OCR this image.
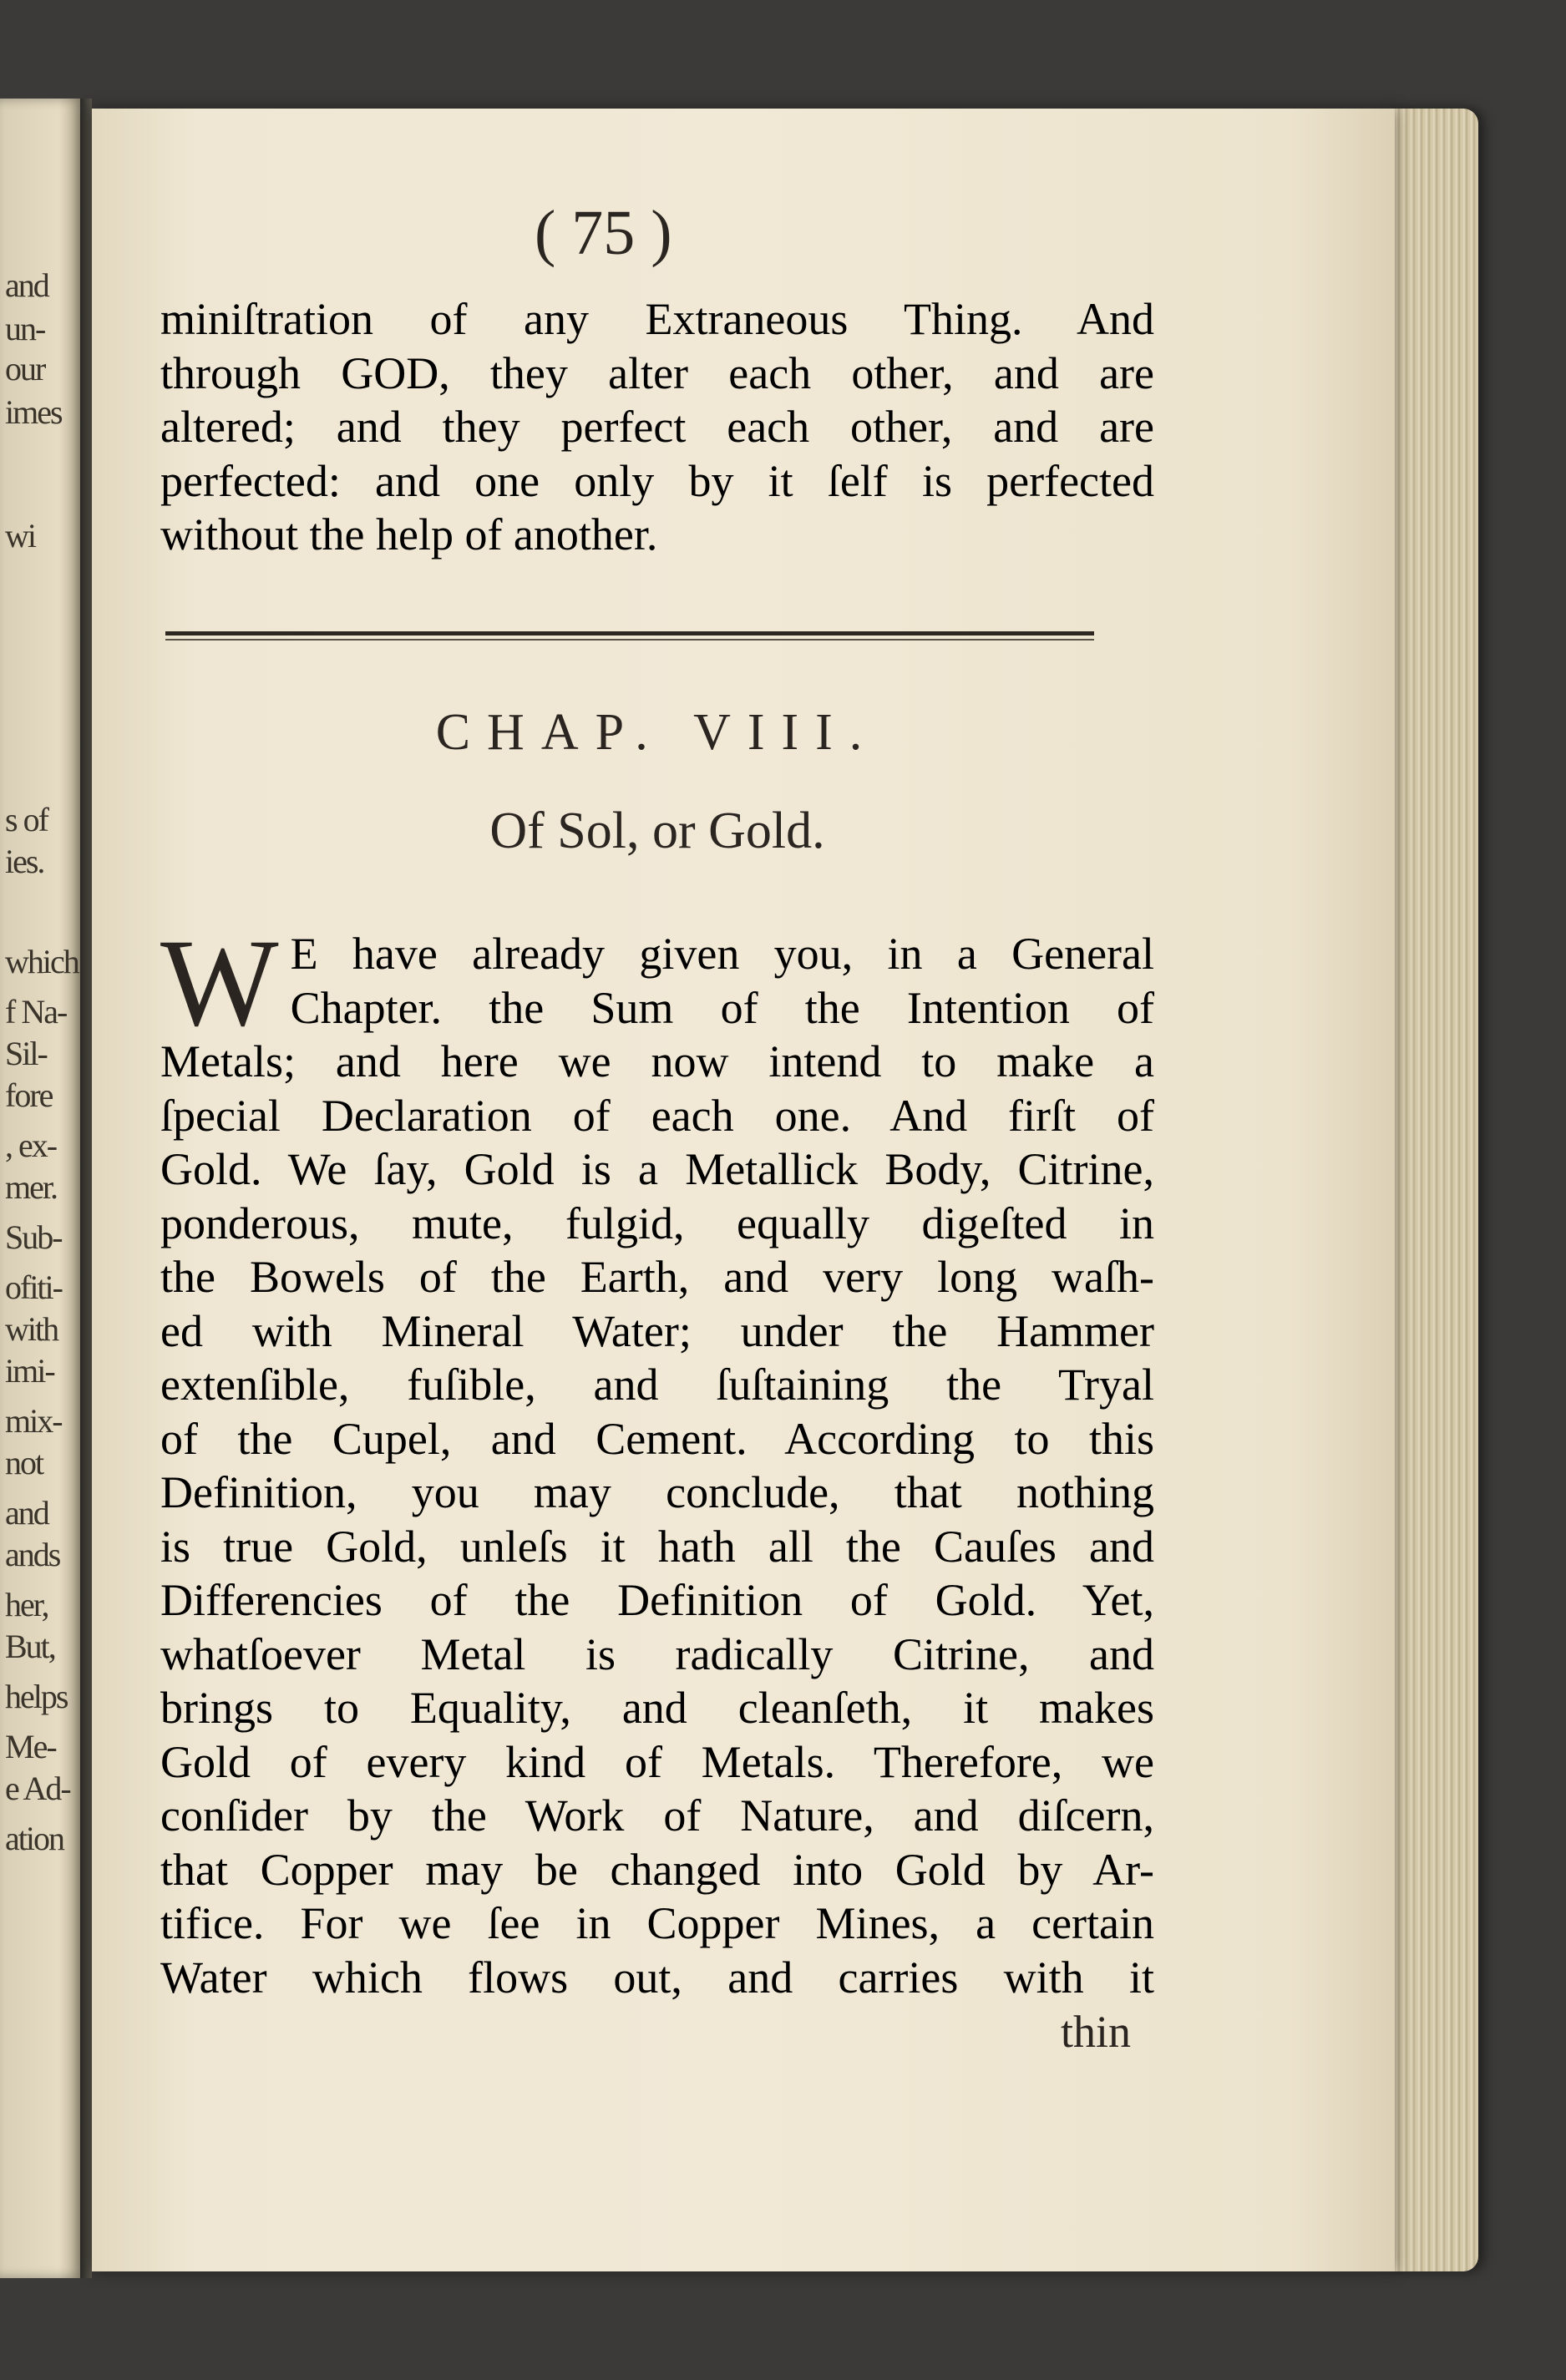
and
un-
our
imes
wi
s of
ies.
which
f Na-
Sil-
fore
, ex-
mer.
Sub-
ofiti-
with
imi-
mix-
not
and
ands
her,
But,
helps
Me-
e Ad-
ation
( 75 )
miniſtration of any Extraneous Thing. And
through GOD, they alter each other, and are
altered; and they perfect each other, and are
perfected: and one only by it ſelf is perfected
without the help of another.
CHAP. VIII.
Of Sol, or Gold.
W E have already given you, in a General
Chapter. the Sum of the Intention of
Metals; and here we now intend to make a
ſpecial Declaration of each one. And firſt of
Gold. We ſay, Gold is a Metallick Body, Citrine,
ponderous, mute, fulgid, equally digeſted in
the Bowels of the Earth, and very long waſh-
ed with Mineral Water; under the Hammer
extenſible, fuſible, and ſuſtaining the Tryal
of the Cupel, and Cement. According to this
Definition, you may conclude, that nothing
is true Gold, unleſs it hath all the Cauſes and
Differencies of the Definition of Gold. Yet,
whatſoever Metal is radically Citrine, and
brings to Equality, and cleanſeth, it makes
Gold of every kind of Metals. Therefore, we
conſider by the Work of Nature, and diſcern,
that Copper may be changed into Gold by Ar-
tifice. For we ſee in Copper Mines, a certain
Water which flows out, and carries with it
thin
